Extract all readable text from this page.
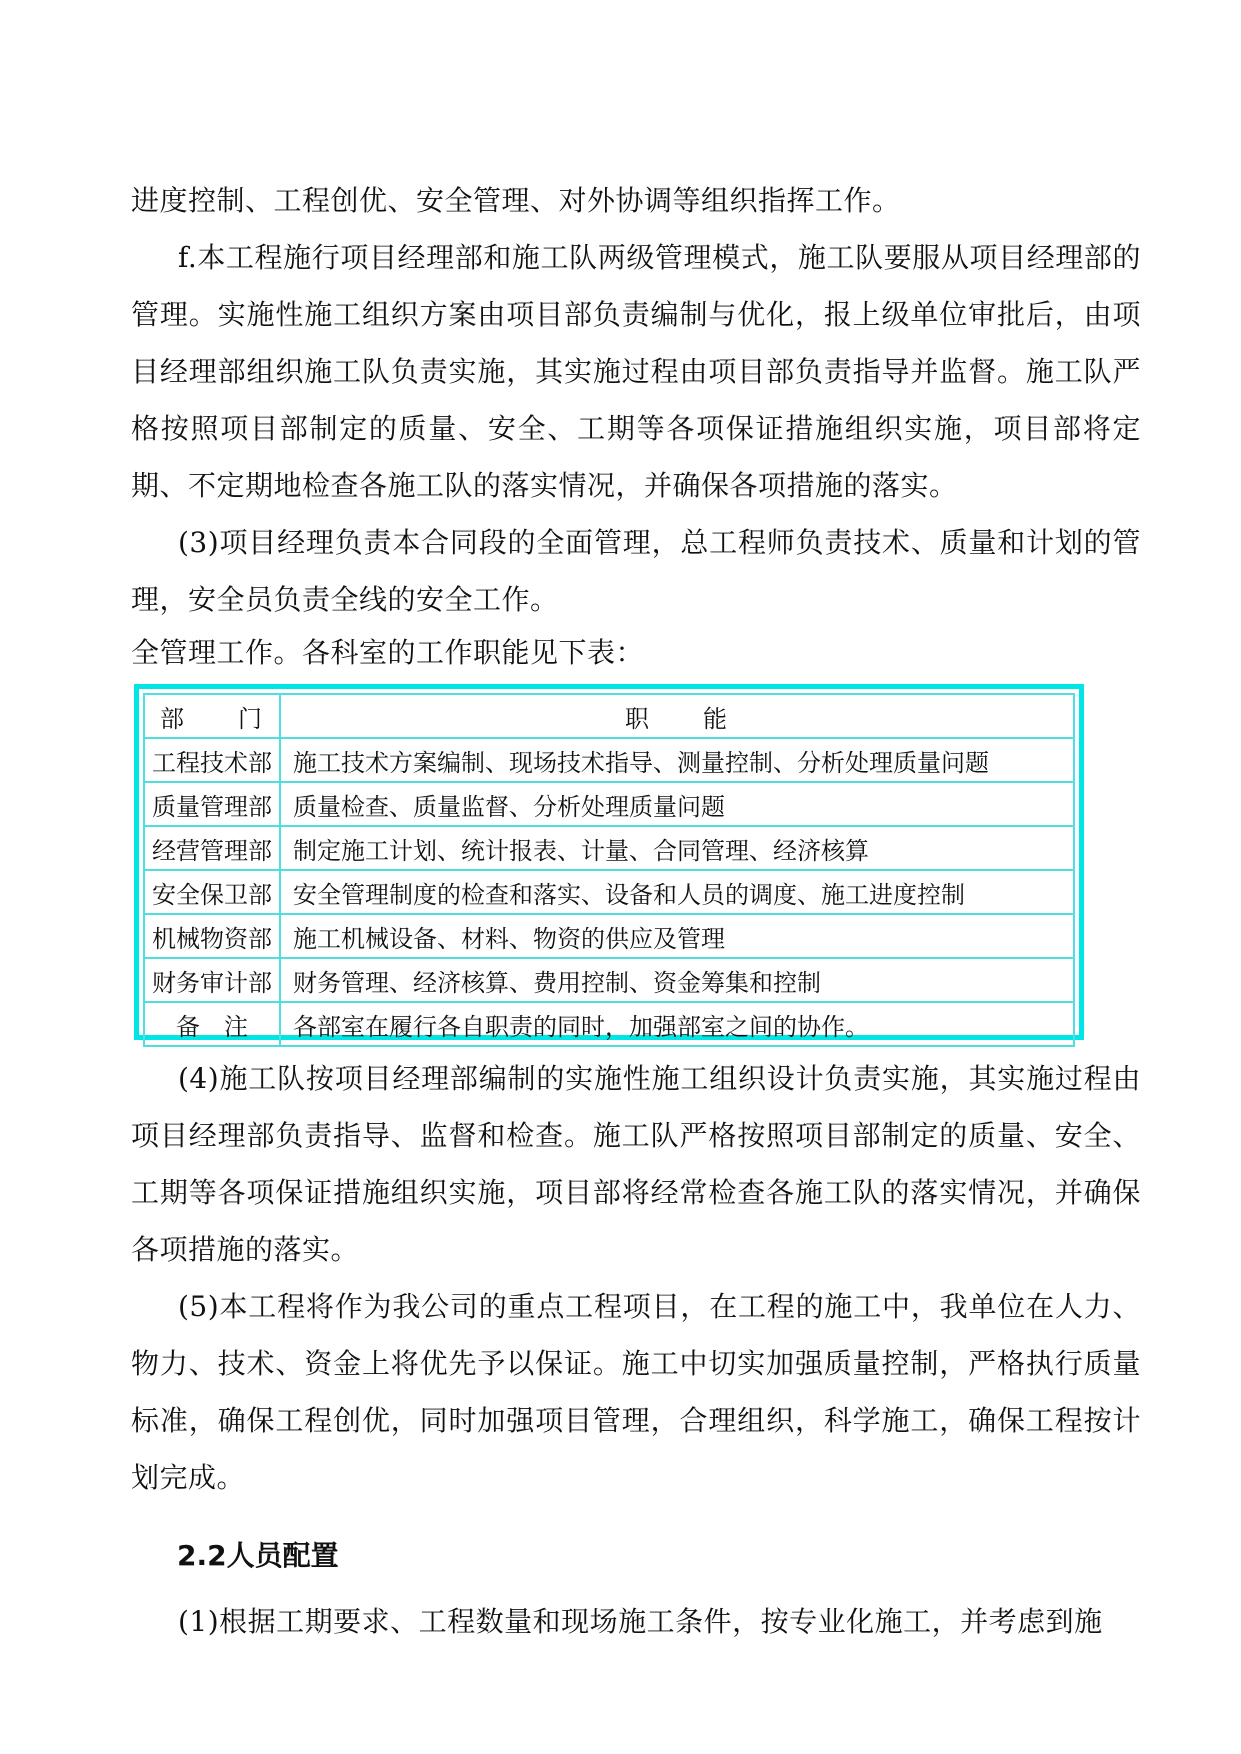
进度控制、工程创优、安全管理、对外协调等组织指挥工作。

f.本工程施行项目经理部和施工队两级管理模式，施工队要服从项目经理部的管理。实施性施工组织方案由项目部负责编制与优化，报上级单位审批后，由项目经理部组织施工队负责实施，其实施过程由项目部负责指导并监督。施工队严格按照项目部制定的质量、安全、工期等各项保证措施组织实施，项目部将定期、不定期地检查各施工队的落实情况，并确保各项措施的落实。

(3)项目经理负责本合同段的全面管理，总工程师负责技术、质量和计划的管理，安全员负责全线的安全工作。

全管理工作。各科室的工作职能见下表：

部　　门	职　　能
工程技术部	施工技术方案编制、现场技术指导、测量控制、分析处理质量问题
质量管理部	质量检查、质量监督、分析处理质量问题
经营管理部	制定施工计划、统计报表、计量、合同管理、经济核算
安全保卫部	安全管理制度的检查和落实、设备和人员的调度、施工进度控制
机械物资部	施工机械设备、材料、物资的供应及管理
财务审计部	财务管理、经济核算、费用控制、资金筹集和控制
备　注	各部室在履行各自职责的同时，加强部室之间的协作。

(4)施工队按项目经理部编制的实施性施工组织设计负责实施，其实施过程由项目经理部负责指导、监督和检查。施工队严格按照项目部制定的质量、安全、工期等各项保证措施组织实施，项目部将经常检查各施工队的落实情况，并确保各项措施的落实。

(5)本工程将作为我公司的重点工程项目，在工程的施工中，我单位在人力、物力、技术、资金上将优先予以保证。施工中切实加强质量控制，严格执行质量标准，确保工程创优，同时加强项目管理，合理组织，科学施工，确保工程按计划完成。

2.2人员配置

(1)根据工期要求、工程数量和现场施工条件，按专业化施工，并考虑到施
